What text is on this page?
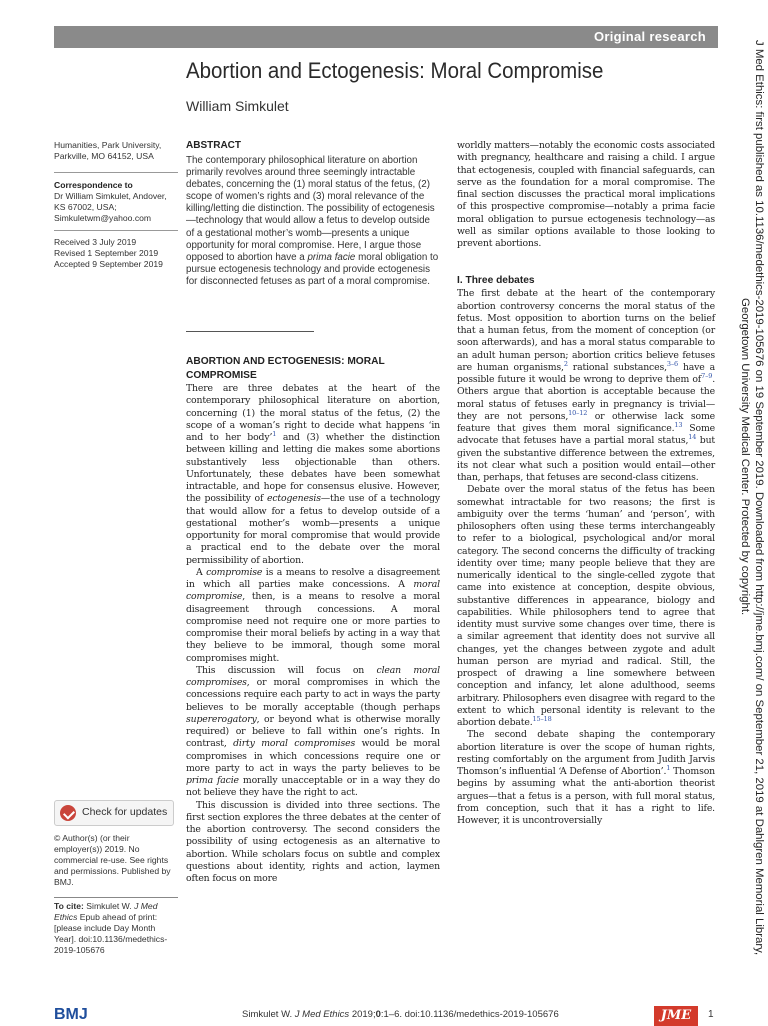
Original research
Abortion and Ectogenesis: Moral Compromise
William Simkulet
Humanities, Park University, Parkville, MO 64152, USA
Correspondence to
Dr William Simkulet, Andover, KS 67002, USA; Simkuletwm@yahoo.com
Received 3 July 2019
Revised 1 September 2019
Accepted 9 September 2019
Check for updates
© Author(s) (or their employer(s)) 2019. No commercial re-use. See rights and permissions. Published by BMJ.
To cite: Simkulet W. J Med Ethics Epub ahead of print: [please include Day Month Year]. doi:10.1136/medethics-2019-105676
ABSTRACT
The contemporary philosophical literature on abortion primarily revolves around three seemingly intractable debates, concerning the (1) moral status of the fetus, (2) scope of women’s rights and (3) moral relevance of the killing/letting die distinction. The possibility of ectogenesis—technology that would allow a fetus to develop outside of a gestational mother’s womb—presents a unique opportunity for moral compromise. Here, I argue those opposed to abortion have a prima facie moral obligation to pursue ectogenesis technology and provide ectogenesis for disconnected fetuses as part of a moral compromise.
ABORTION AND ECTOGENESIS: MORAL COMPROMISE

There are three debates at the heart of the contemporary philosophical literature on abortion, concerning (1) the moral status of the fetus, (2) the scope of a woman’s right to decide what happens ‘in and to her body’$^1$ and (3) whether the distinction between killing and letting die makes some abortions substantively less objectionable than others. Unfortunately, these debates have been somewhat intractable, and hope for consensus elusive. However, the possibility of ectogenesis—the use of a technology that would allow for a fetus to develop outside of a gestational mother’s womb—presents a unique opportunity for moral compromise that would provide a practical end to the debate over the moral permissibility of abortion.

A compromise is a means to resolve a disagreement in which all parties make concessions. A moral compromise, then, is a means to resolve a moral disagreement through concessions. A moral compromise need not require one or more parties to compromise their moral beliefs by acting in a way that they believe to be immoral, though some moral compromises might.

This discussion will focus on clean moral compromises, or moral compromises in which the concessions require each party to act in ways the party believes to be morally acceptable (though perhaps supererogatory, or beyond what is otherwise morally required) or believe to fall within one’s rights. In contrast, dirty moral compromises would be moral compromises in which concessions require one or more party to act in ways the party believes to be prima facie morally unacceptable or in a way they do not believe they have the right to act.

This discussion is divided into three sections. The first section explores the three debates at the center of the abortion controversy. The second considers the possibility of using ectogenesis as an alternative to abortion. While scholars focus on subtle and complex questions about identity, rights and action, laymen often focus on more

worldly matters—notably the economic costs associated with pregnancy, healthcare and raising a child. I argue that ectogenesis, coupled with financial safeguards, can serve as the foundation for a moral compromise. The final section discusses the practical moral implications of this prospective compromise—notably a prima facie moral obligation to pursue ectogenesis technology—as well as similar options available to those looking to prevent abortions.

I. Three debates

The first debate at the heart of the contemporary abortion controversy concerns the moral status of the fetus. Most opposition to abortion turns on the belief that a human fetus, from the moment of conception (or soon afterwards), and has a moral status comparable to an adult human person; abortion critics believe fetuses are human organisms,$^2$ rational substances,$^{3-6}$ have a possible future it would be wrong to deprive them $of^{7-9}$. Others argue that abortion is acceptable because the moral status of fetuses early in pregnancy is trivial—they are not persons,$^{10-12}$ or otherwise lack some feature that gives them moral significance.$^{13}$ Some advocate that fetuses have a partial moral status,$^{14}$ but given the substantive difference between the extremes, its not clear what such a position would entail—other than, perhaps, that fetuses are second-class citizens.

Debate over the moral status of the fetus has been somewhat intractable for two reasons; the first is ambiguity over the terms ‘human’ and ‘person’, with philosophers often using these terms interchangeably to refer to a biological, psychological and/or moral category. The second concerns the difficulty of tracking identity over time; many people believe that they are numerically identical to the single-celled zygote that came into existence at conception, despite obvious, substantive differences in appearance, biology and capabilities. While philosophers tend to agree that identity must survive some changes over time, there is a similar agreement that identity does not survive all changes, yet the changes between zygote and adult human person are myriad and radical. Still, the prospect of drawing a line somewhere between conception and infancy, let alone adulthood, seems arbitrary. Philosophers even disagree with regard to the extent to which personal identity is relevant to the abortion debate.$^{15-18}$

The second debate shaping the contemporary abortion literature is over the scope of human rights, resting comfortably on the argument from Judith Jarvis Thomson’s influential ‘A Defense of Abortion’.$^1$ Thomson begins by assuming what the anti-abortion theorist argues—that a fetus is a person, with full moral status, from conception, such that it has a right to life. However, it is uncontroversially	J Med Ethics: first published as 10.1136/medethics-2019-105676 on 19 September 2019. Downloaded from http://jme.bmj.com/ on September 21, 2019 at Dahlgren Memorial Library,
Georgetown University Medical Center. Protected by copyright.
BMJ	Simkulet W. J Med Ethics 2019;0:1–6. doi:10.1136/medethics-2019-105676	JME	1
